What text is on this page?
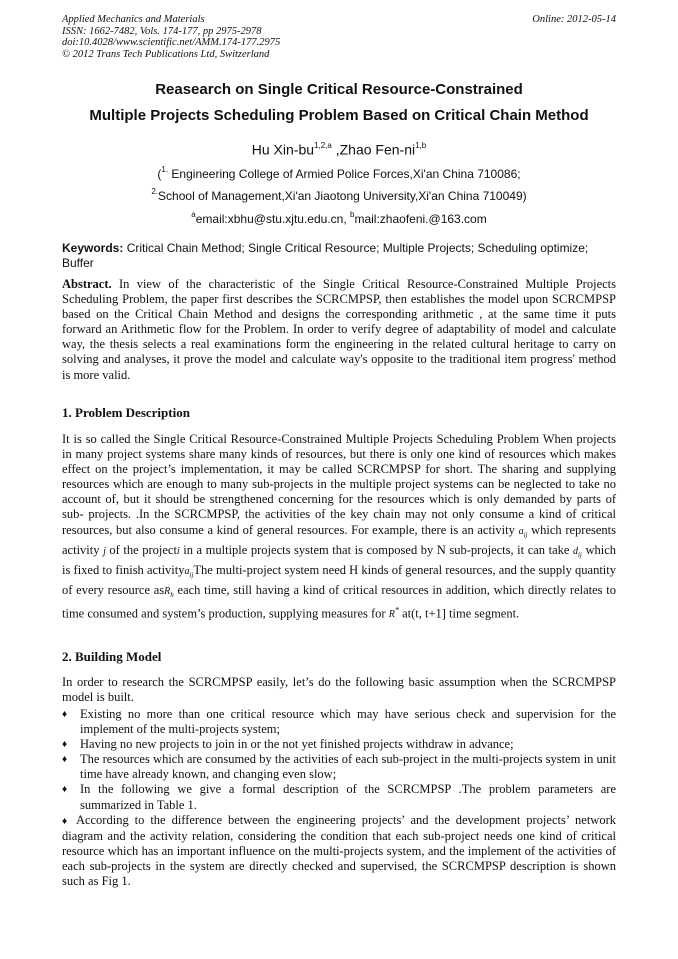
Applied Mechanics and Materials
ISSN: 1662-7482, Vols. 174-177, pp 2975-2978
doi:10.4028/www.scientific.net/AMM.174-177.2975
© 2012 Trans Tech Publications Ltd, Switzerland
Online: 2012-05-14
Reasearch on Single Critical Resource-Constrained
Multiple Projects Scheduling Problem Based on Critical Chain Method
Hu Xin-bu$^{1,2,a}$ ,Zhao Fen-ni$^{1,b}$
($^{1.}$ Engineering College of Armied Police Forces,Xi'an China 710086;
$^{2.}$School of Management,Xi'an Jiaotong University,Xi'an China 710049)
$^a$email:xbhu@stu.xjtu.edu.cn, $^b$mail:zhaofeni.@163.com
Keywords: Critical Chain Method; Single Critical Resource; Multiple Projects; Scheduling optimize; Buffer
Abstract. In view of the characteristic of the Single Critical Resource-Constrained Multiple Projects Scheduling Problem, the paper first describes the SCRCMPSP, then establishes the model upon SCRCMPSP based on the Critical Chain Method and designs the corresponding arithmetic , at the same time it puts forward an Arithmetic flow for the Problem. In order to verify degree of adaptability of model and calculate way, the thesis selects a real examinations form the engineering in the related cultural heritage to carry on solving and analyses, it prove the model and calculate way's opposite to the traditional item progress' method is more valid.
1. Problem Description
It is so called the Single Critical Resource-Constrained Multiple Projects Scheduling Problem When projects in many project systems share many kinds of resources, but there is only one kind of resources which makes effect on the project’s implementation, it may be called SCRCMPSP for short. The sharing and supplying resources which are enough to many sub-projects in the multiple project systems can be neglected to take no account of, but it should be strengthened concerning for the resources which is only demanded by parts of sub- projects. .In the SCRCMPSP, the activities of the key chain may not only consume a kind of critical resources, but also consume a kind of general resources. For example, there is an activity $a_{ij}$ which represents activity j of the projecti in a multiple projects system that is composed by N sub-projects, it can take $d_{ij}$ which is fixed to finish activitya$_{ij}$The multi-project system need H kinds of general resources, and the supply quantity of every resource asR$_h$ each time, still having a kind of critical resources in addition, which directly relates to time consumed and system’s production, supplying measures for R* at(t, t+1] time segment.
2. Building Model
In order to research the SCRCMPSP easily, let’s do the following basic assumption when the SCRCMPSP model is built.

♦ Existing no more than one critical resource which may have serious check and supervision for the implement of the multi-projects system;

♦ Having no new projects to join in or the not yet finished projects withdraw in advance;

♦ The resources which are consumed by the activities of each sub-project in the multi-projects system in unit time have already known, and changing even slow;

♦ In the following we give a formal description of the SCRCMPSP .The problem parameters are summarized in Table 1.

♦ According to the difference between the engineering projects’ and the development projects’ network diagram and the activity relation, considering the condition that each sub-project needs one kind of critical resource which has an important influence on the multi-projects system, and the implement of the activities of each sub-projects in the system are directly checked and supervised, the SCRCMPSP description is shown such as Fig 1.
